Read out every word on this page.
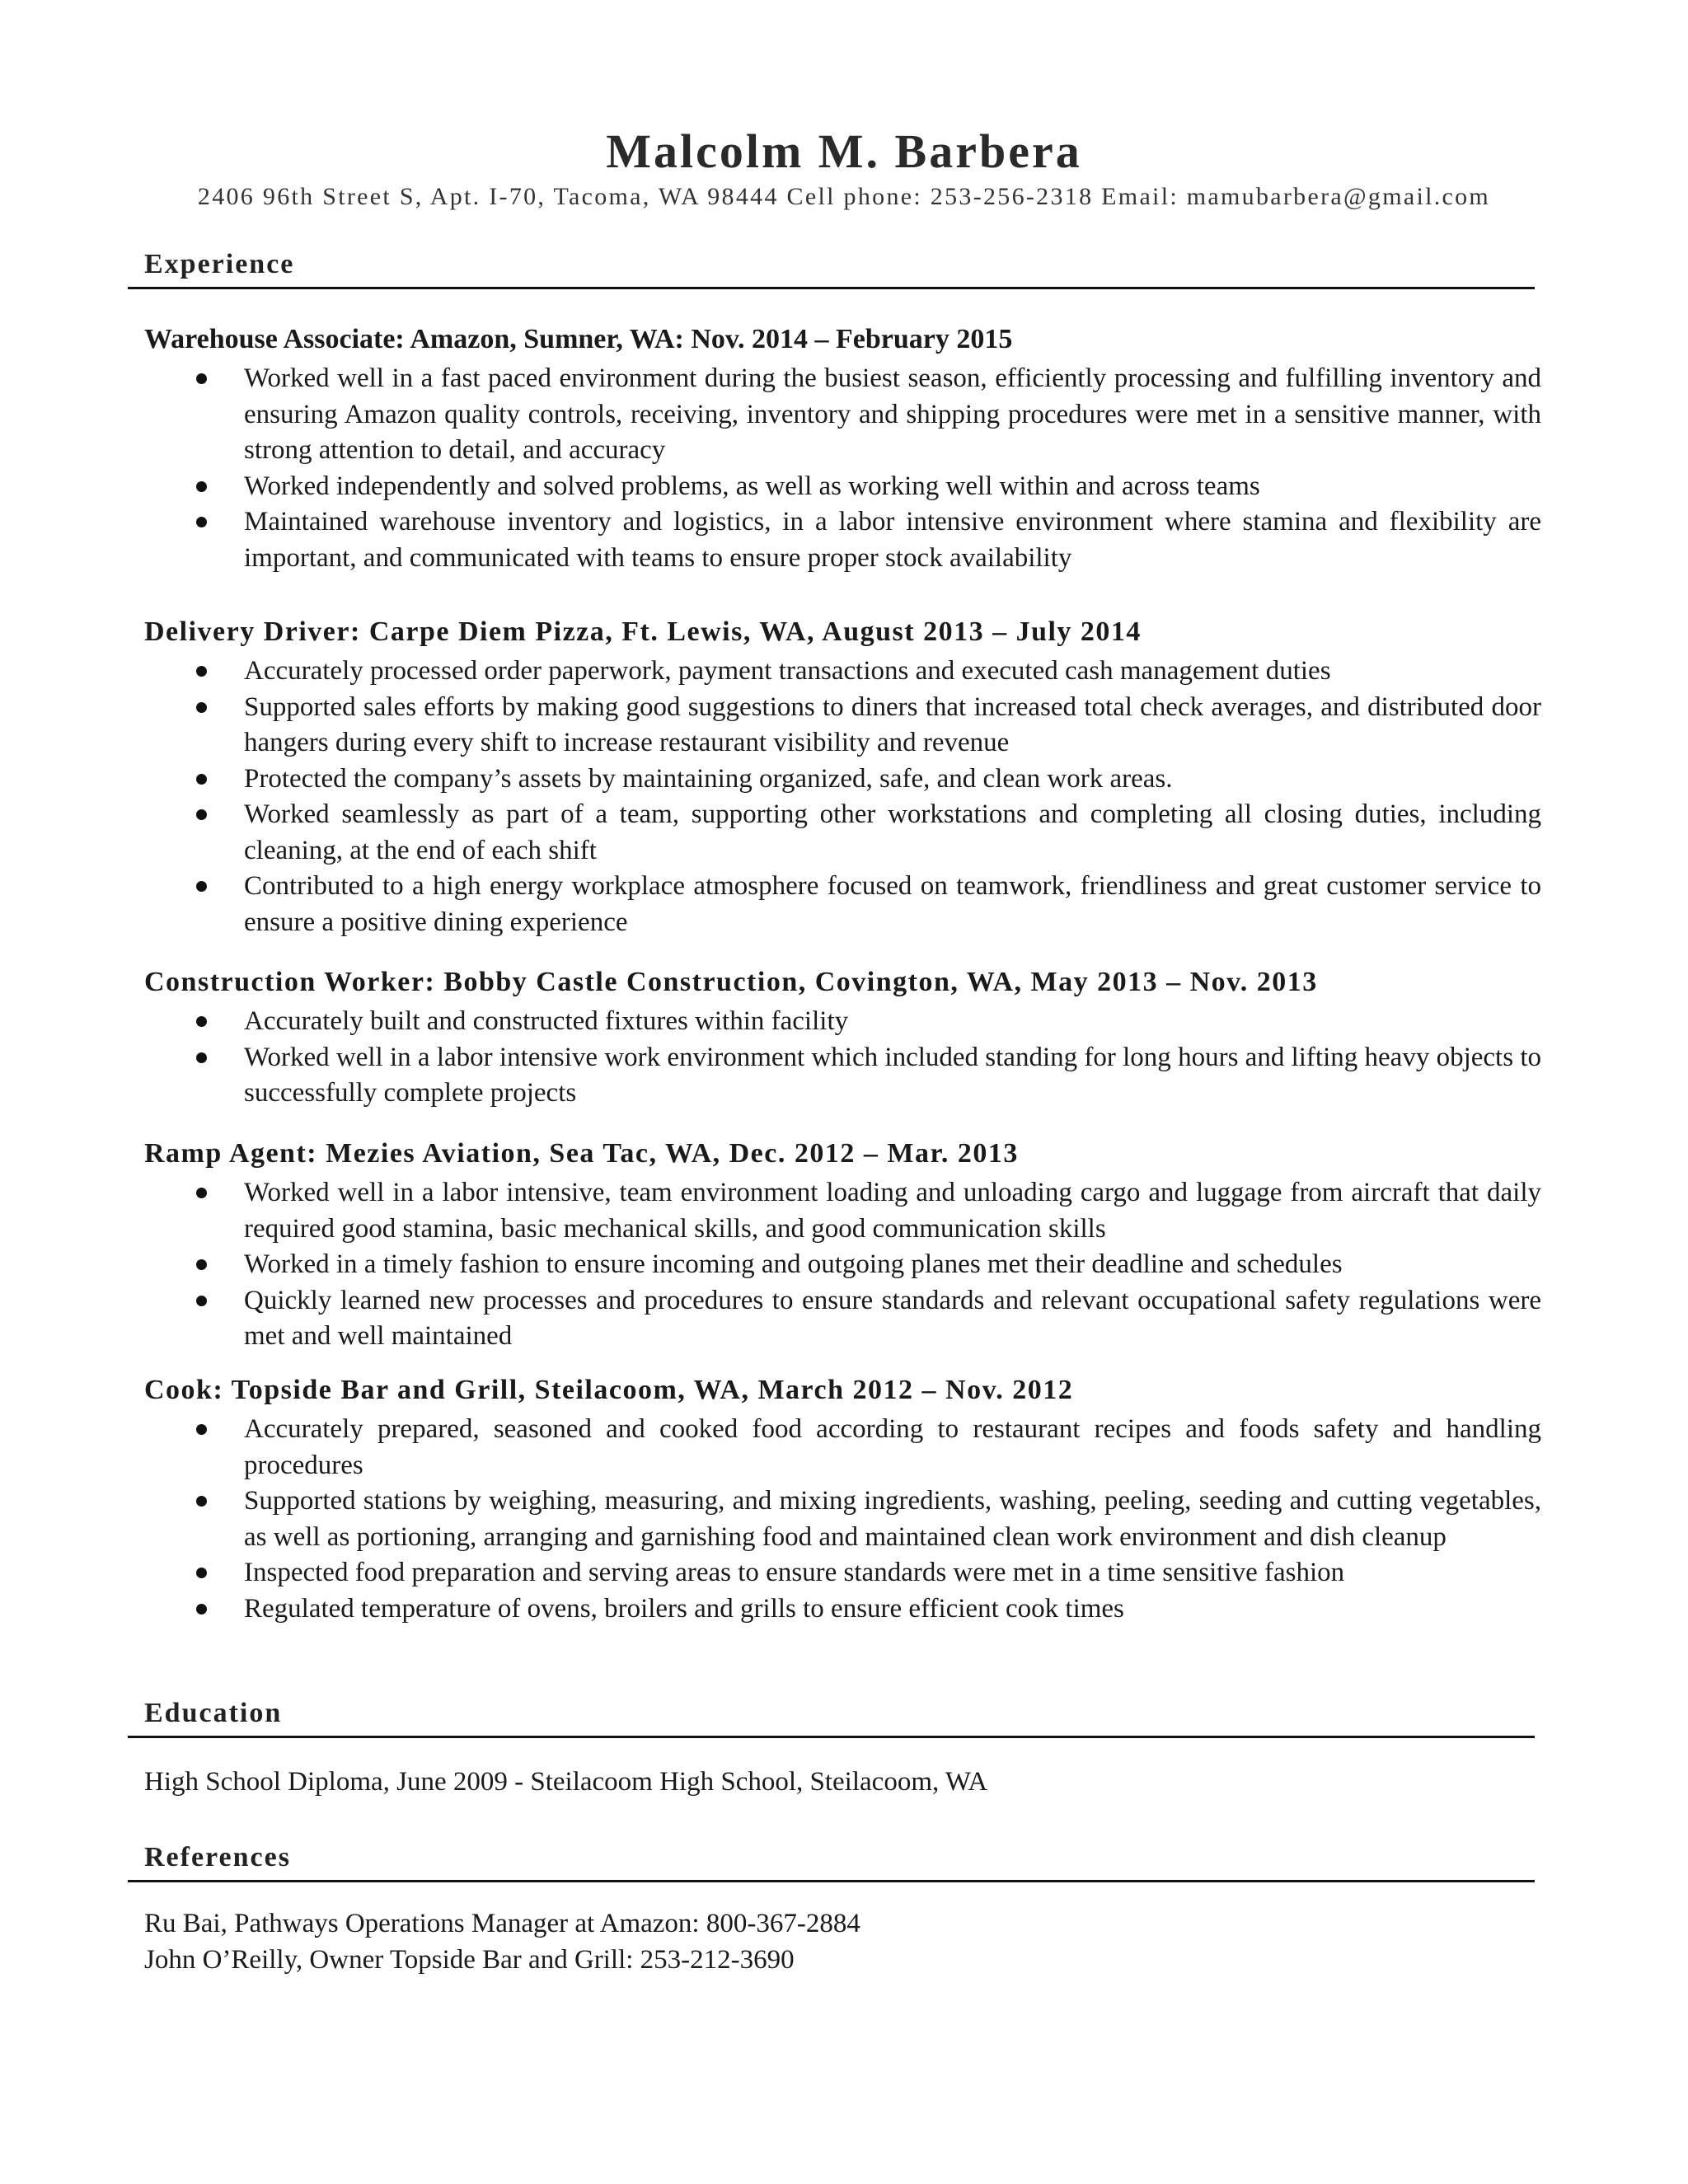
Malcolm M. Barbera
2406 96th Street S, Apt. I-70, Tacoma, WA 98444 Cell phone: 253-256-2318 Email: mamubarbera@gmail.com
Experience
Warehouse Associate: Amazon, Sumner, WA: Nov. 2014 – February 2015
Worked well in a fast paced environment during the busiest season, efficiently processing and fulfilling inventory and ensuring Amazon quality controls, receiving, inventory and shipping procedures were met in a sensitive manner, with strong attention to detail, and accuracy
Worked independently and solved problems, as well as working well within and across teams
Maintained warehouse inventory and logistics, in a labor intensive environment where stamina and flexibility are important, and communicated with teams to ensure proper stock availability
Delivery Driver: Carpe Diem Pizza, Ft. Lewis, WA, August 2013 – July 2014
Accurately processed order paperwork, payment transactions and executed cash management duties
Supported sales efforts by making good suggestions to diners that increased total check averages, and distributed door hangers during every shift to increase restaurant visibility and revenue
Protected the company’s assets by maintaining organized, safe, and clean work areas.
Worked seamlessly as part of a team, supporting other workstations and completing all closing duties, including cleaning, at the end of each shift
Contributed to a high energy workplace atmosphere focused on teamwork, friendliness and great customer service to ensure a positive dining experience
Construction Worker: Bobby Castle Construction, Covington, WA, May 2013 – Nov. 2013
Accurately built and constructed fixtures within facility
Worked well in a labor intensive work environment which included standing for long hours and lifting heavy objects to successfully complete projects
Ramp Agent: Mezies Aviation, Sea Tac, WA, Dec. 2012 – Mar. 2013
Worked well in a labor intensive, team environment loading and unloading cargo and luggage from aircraft that daily required good stamina, basic mechanical skills, and good communication skills
Worked in a timely fashion to ensure incoming and outgoing planes met their deadline and schedules
Quickly learned new processes and procedures to ensure standards and relevant occupational safety regulations were met and well maintained
Cook: Topside Bar and Grill, Steilacoom, WA, March 2012 – Nov. 2012
Accurately prepared, seasoned and cooked food according to restaurant recipes and foods safety and handling procedures
Supported stations by weighing, measuring, and mixing ingredients, washing, peeling, seeding and cutting vegetables, as well as portioning, arranging and garnishing food and maintained clean work environment and dish cleanup
Inspected food preparation and serving areas to ensure standards were met in a time sensitive fashion
Regulated temperature of ovens, broilers and grills to ensure efficient cook times
Education
High School Diploma, June 2009 - Steilacoom High School, Steilacoom, WA
References
Ru Bai, Pathways Operations Manager at Amazon: 800-367-2884
John O’Reilly, Owner Topside Bar and Grill: 253-212-3690
